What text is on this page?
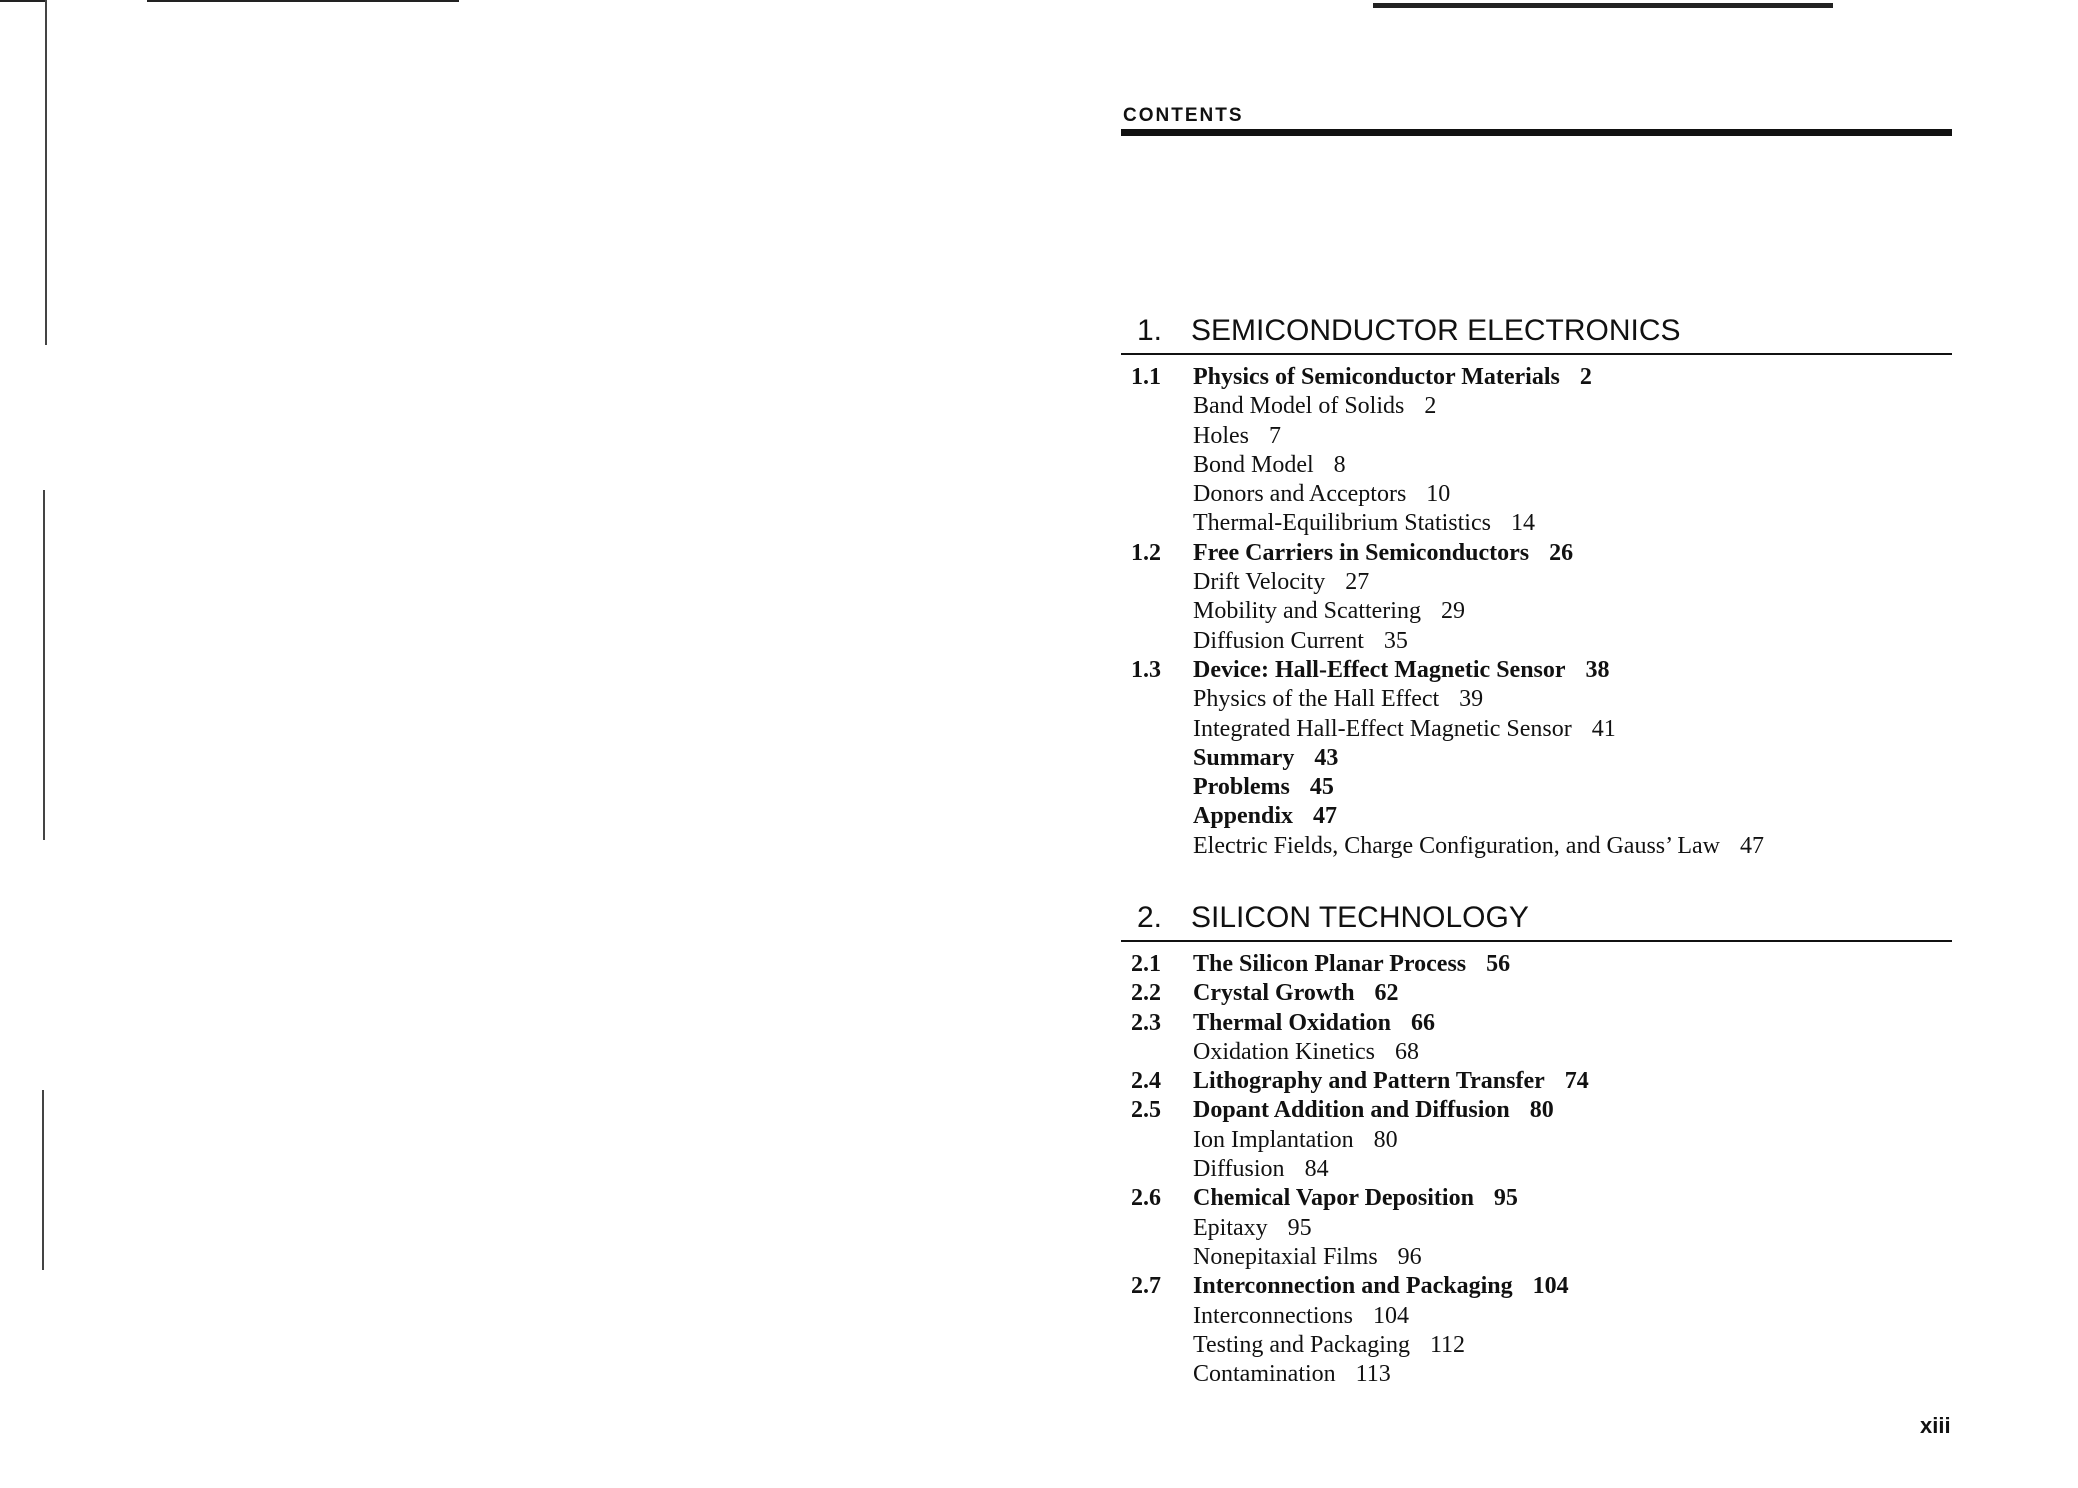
CONTENTS
1. SEMICONDUCTOR ELECTRONICS
1.1 Physics of Semiconductor Materials 2
Band Model of Solids 2
Holes 7
Bond Model 8
Donors and Acceptors 10
Thermal-Equilibrium Statistics 14
1.2 Free Carriers in Semiconductors 26
Drift Velocity 27
Mobility and Scattering 29
Diffusion Current 35
1.3 Device: Hall-Effect Magnetic Sensor 38
Physics of the Hall Effect 39
Integrated Hall-Effect Magnetic Sensor 41
Summary 43
Problems 45
Appendix 47
Electric Fields, Charge Configuration, and Gauss’ Law 47
2. SILICON TECHNOLOGY
2.1 The Silicon Planar Process 56
2.2 Crystal Growth 62
2.3 Thermal Oxidation 66
Oxidation Kinetics 68
2.4 Lithography and Pattern Transfer 74
2.5 Dopant Addition and Diffusion 80
Ion Implantation 80
Diffusion 84
2.6 Chemical Vapor Deposition 95
Epitaxy 95
Nonepitaxial Films 96
2.7 Interconnection and Packaging 104
Interconnections 104
Testing and Packaging 112
Contamination 113
xiii
